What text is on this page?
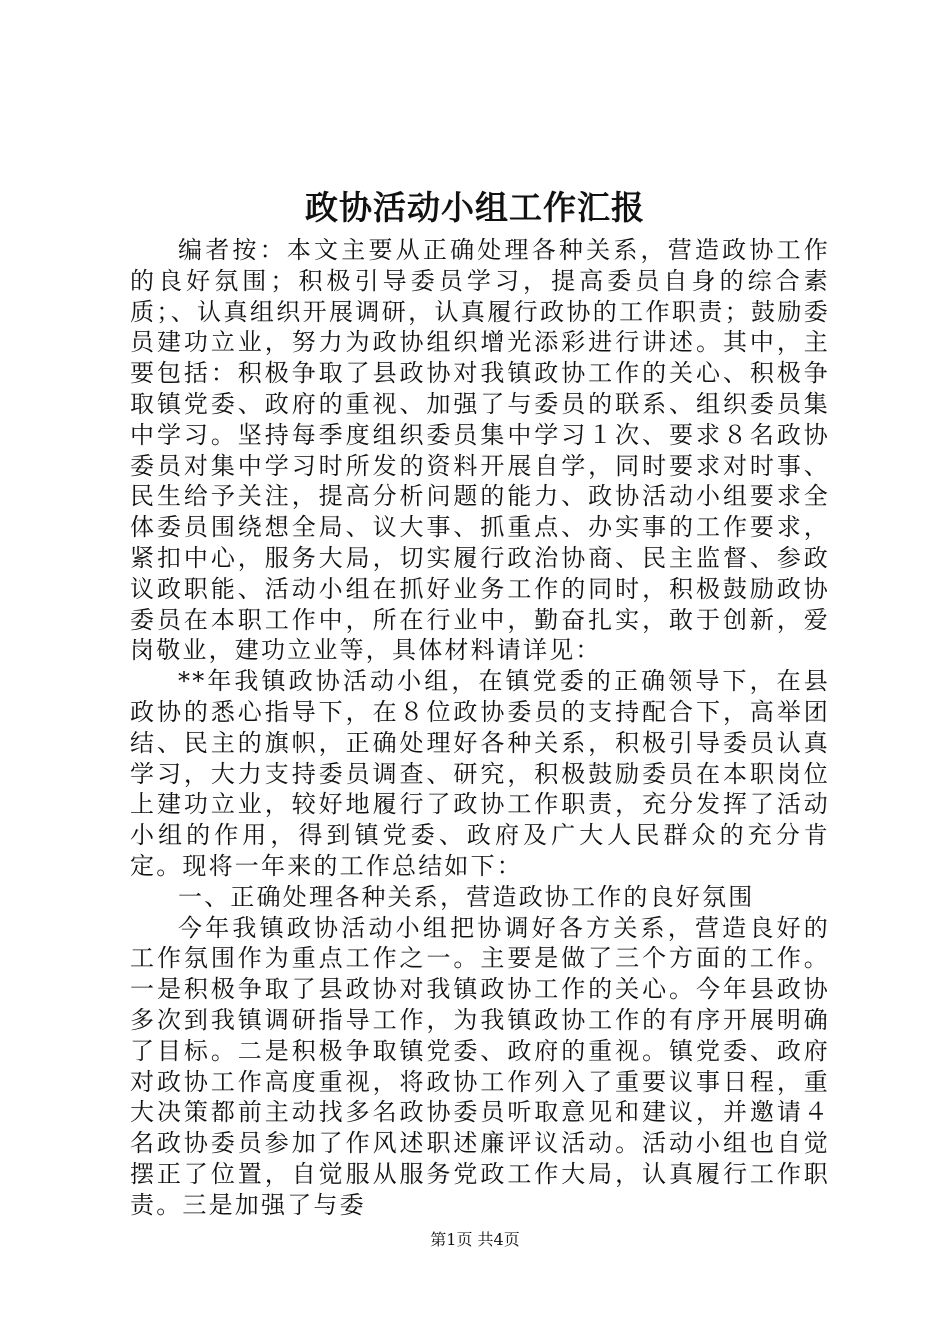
政协活动小组工作汇报

编者按：本文主要从正确处理各种关系，营造政协工作的良好氛围；积极引导委员学习，提高委员自身的综合素质；、认真组织开展调研，认真履行政协的工作职责；鼓励委员建功立业，努力为政协组织增光添彩进行讲述。其中，主要包括：积极争取了县政协对我镇政协工作的关心、积极争取镇党委、政府的重视、加强了与委员的联系、组织委员集中学习。坚持每季度组织委员集中学习１次、要求８名政协委员对集中学习时所发的资料开展自学，同时要求对时事、民生给予关注，提高分析问题的能力、政协活动小组要求全体委员围绕想全局、议大事、抓重点、办实事的工作要求，紧扣中心，服务大局，切实履行政治协商、民主监督、参政议政职能、活动小组在抓好业务工作的同时，积极鼓励政协委员在本职工作中，所在行业中，勤奋扎实，敢于创新，爱岗敬业，建功立业等，具体材料请详见：

**年我镇政协活动小组，在镇党委的正确领导下，在县政协的悉心指导下，在８位政协委员的支持配合下，高举团结、民主的旗帜，正确处理好各种关系，积极引导委员认真学习，大力支持委员调查、研究，积极鼓励委员在本职岗位上建功立业，较好地履行了政协工作职责，充分发挥了活动小组的作用，得到镇党委、政府及广大人民群众的充分肯定。现将一年来的工作总结如下：

一、正确处理各种关系，营造政协工作的良好氛围

今年我镇政协活动小组把协调好各方关系，营造良好的工作氛围作为重点工作之一。主要是做了三个方面的工作。一是积极争取了县政协对我镇政协工作的关心。今年县政协多次到我镇调研指导工作，为我镇政协工作的有序开展明确了目标。二是积极争取镇党委、政府的重视。镇党委、政府对政协工作高度重视，将政协工作列入了重要议事日程，重大决策都前主动找多名政协委员听取意见和建议，并邀请４名政协委员参加了作风述职述廉评议活动。活动小组也自觉摆正了位置，自觉服从服务党政工作大局，认真履行工作职责。三是加强了与委

第1页 共4页
